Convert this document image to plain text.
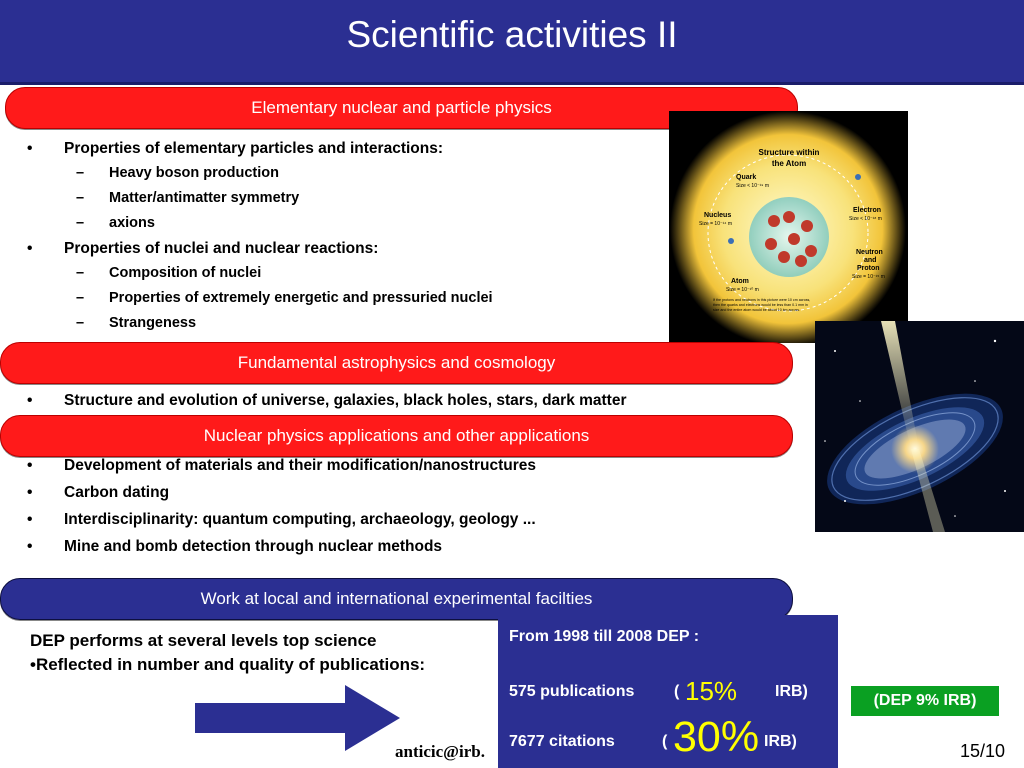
Scientific activities II
Elementary nuclear and particle physics
• Properties of elementary particles and interactions:
– Heavy boson production
– Matter/antimatter symmetry
– axions
• Properties of nuclei and nuclear reactions:
– Composition of nuclei
– Properties of extremely energetic and pressuried nuclei
– Strangeness
Structure within
the Atom
Quark
Size < 10⁻¹⁹ m
Nucleus
Size = 10⁻¹⁴ m
Electron
Size < 10⁻¹⁸ m
Neutron
and
Proton
Size = 10⁻¹⁵ m
Atom
Size = 10⁻¹⁰ m
If the protons and neutrons in this picture were 10 cm across,
then the quarks and electrons would be less than 0.1 mm in
size and the entire atom would be about 10 km across.
Fundamental astrophysics and cosmology
• Structure and evolution of universe, galaxies, black holes, stars, dark matter
Nuclear physics applications and other applications
• Development of materials and their modification/nanostructures
• Carbon dating
• Interdisciplinarity: quantum computing, archaeology, geology ...
• Mine and bomb detection through nuclear methods
Work at local and international experimental facilties
DEP performs at several levels top science
•Reflected in number and quality of publications:
anticic@irb.
From 1998 till 2008 DEP :
575 publications ( 15% IRB)
7677 citations	( 30% IRB)
(DEP 9% IRB)
15/10
